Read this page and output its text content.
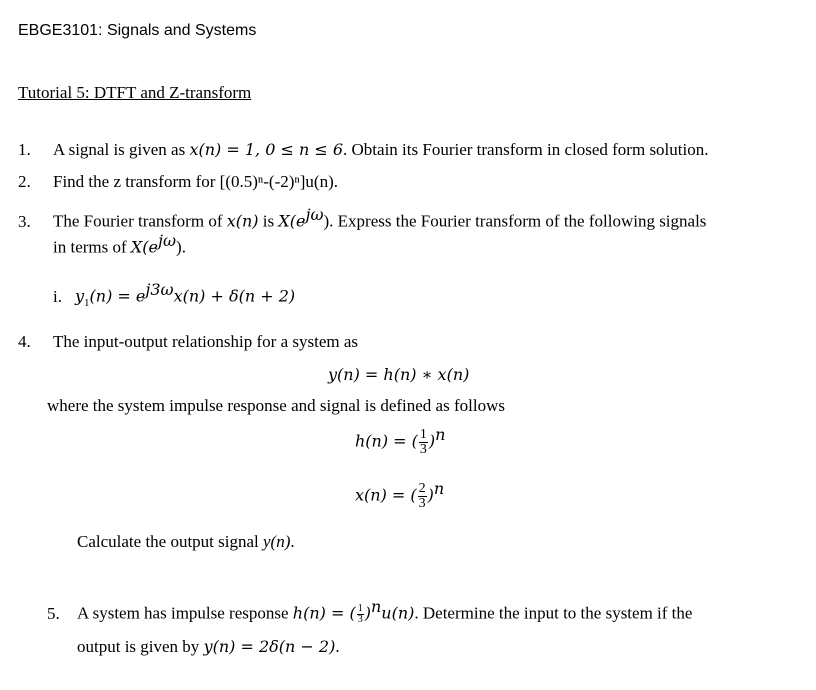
EBGE3101: Signals and Systems
Tutorial 5: DTFT and Z-transform
1. A signal is given as x(n) = 1, 0 ≤ n ≤ 6. Obtain its Fourier transform in closed form solution.
2. Find the z transform for [(0.5)ⁿ-(-2)ⁿ]u(n).
3. The Fourier transform of x(n) is $X(e^{j\omega})$. Express the Fourier transform of the following signals
in terms of $X(e^{j\omega})$.
i. $y_1(n) = e^{j3\omega}x(n) + \delta(n + 2)$
4. The input-output relationship for a system as
y(n) = h(n) ∗ x(n)
where the system impulse response and signal is defined as follows
h(n) = ( $\frac{1}{3} )^n$
x(n) = ( $\frac{2}{3} )^n$
Calculate the output signal y(n).
5. A system has impulse response h(n) = ( $\frac{1}{3} )^nu(n)$. Determine the input to the system if the
output is given by y(n) = 2δ(n − 2).
